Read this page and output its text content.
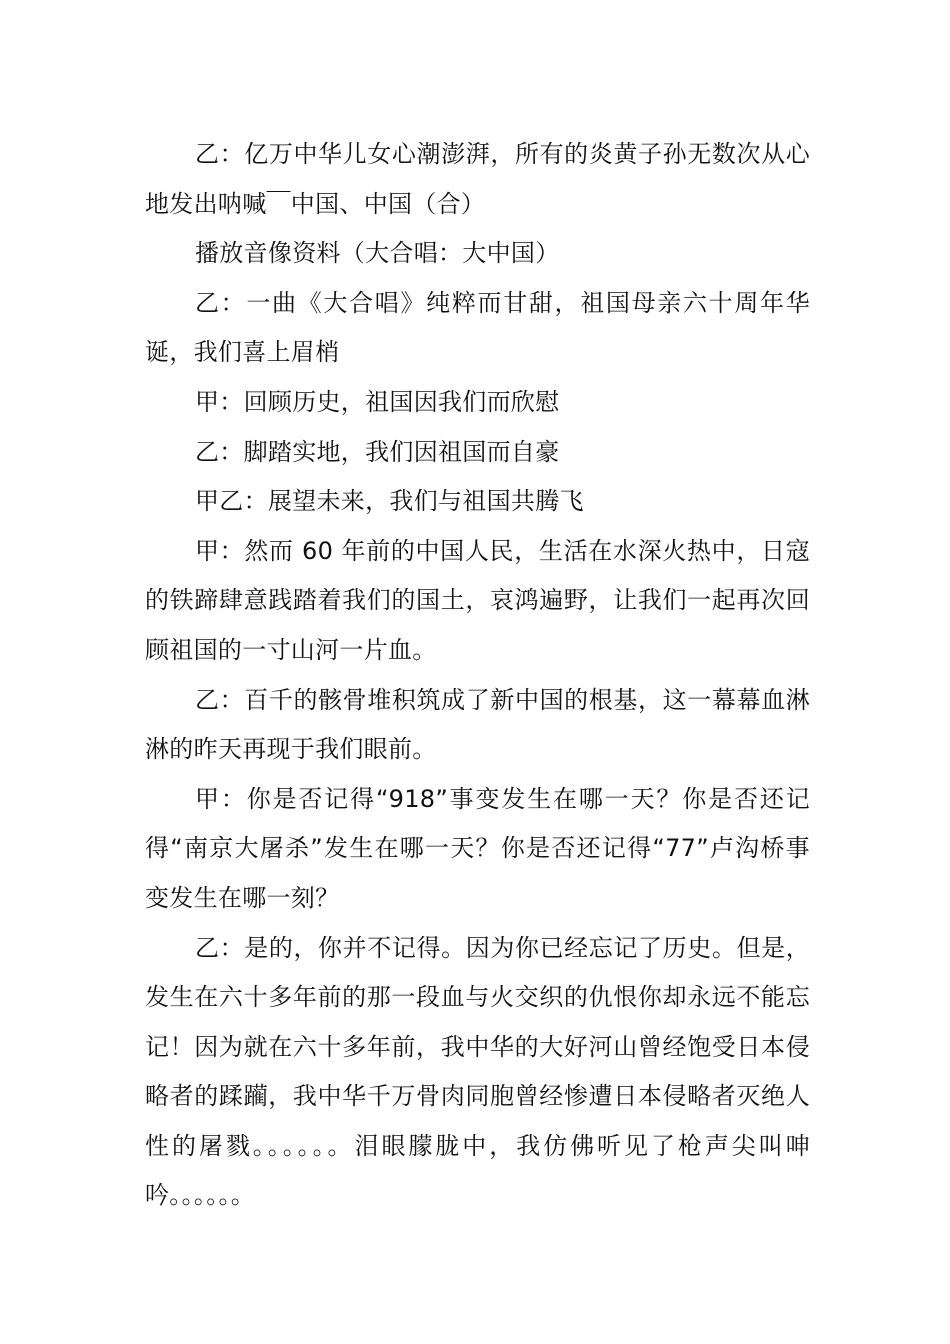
乙：亿万中华儿女心潮澎湃，所有的炎黄子孙无数次从心地发出呐喊￣中国、中国（合）

播放音像资料（大合唱：大中国）

乙：一曲《大合唱》纯粹而甘甜，祖国母亲六十周年华诞，我们喜上眉梢

甲：回顾历史，祖国因我们而欣慰

乙：脚踏实地，我们因祖国而自豪

甲乙：展望未来，我们与祖国共腾飞

甲：然而 60 年前的中国人民，生活在水深火热中，日寇的铁蹄肆意践踏着我们的国土，哀鸿遍野，让我们一起再次回顾祖国的一寸山河一片血。

乙：百千的骸骨堆积筑成了新中国的根基，这一幕幕血淋淋的昨天再现于我们眼前。

甲：你是否记得“918”事变发生在哪一天？你是否还记得“南京大屠杀”发生在哪一天？你是否还记得“77”卢沟桥事变发生在哪一刻？

乙：是的，你并不记得。因为你已经忘记了历史。但是，发生在六十多年前的那一段血与火交织的仇恨你却永远不能忘记！因为就在六十多年前，我中华的大好河山曾经饱受日本侵略者的蹂躏，我中华千万骨肉同胞曾经惨遭日本侵略者灭绝人性的屠戮。。。。。。泪眼朦胧中，我仿佛听见了枪声尖叫呻吟。。。。。。
